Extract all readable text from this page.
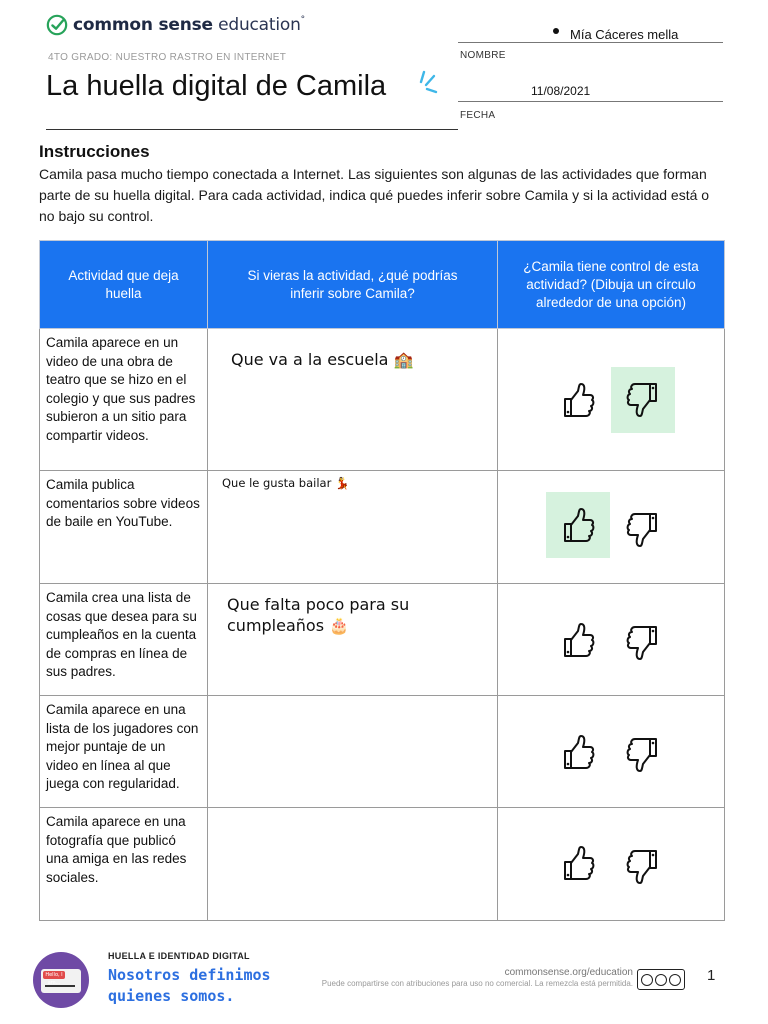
common sense education°
4TO GRADO: NUESTRO RASTRO EN INTERNET
La huella digital de Camila
Mía Cáceres mella
NOMBRE
11/08/2021
FECHA
Instrucciones

Camila pasa mucho tiempo conectada a Internet. Las siguientes son algunas de las actividades que forman parte de su huella digital. Para cada actividad, indica qué puedes inferir sobre Camila y si la actividad está o no bajo su control.

Actividad que deja huella	Si vieras la actividad, ¿qué podrías inferir sobre Camila?	¿Camila tiene control de esta actividad? (Dibuja un círculo alrededor de una opción)
Camila aparece en un video de una obra de teatro que se hizo en el colegio y que sus padres subieron a un sitio para compartir videos.	Que va a la escuela 🏫

Camila publica comentarios sobre videos de baile en YouTube.	Que le gusta bailar 💃

Camila crea una lista de cosas que desea para su cumpleaños en la cuenta de compras en línea de sus padres.	Que falta poco para su cumpleaños 🎂

Camila aparece en una lista de los jugadores con mejor puntaje de un video en línea al que juega con regularidad.	

Camila aparece en una fotografía que publicó una amiga en las redes sociales.	

Hello, I am...
HUELLA E IDENTIDAD DIGITAL
Nosotros definimos
quienes somos.
commonsense.org/education
Puede compartirse con atribuciones para uso no comercial. La remezcla está permitida.	1
